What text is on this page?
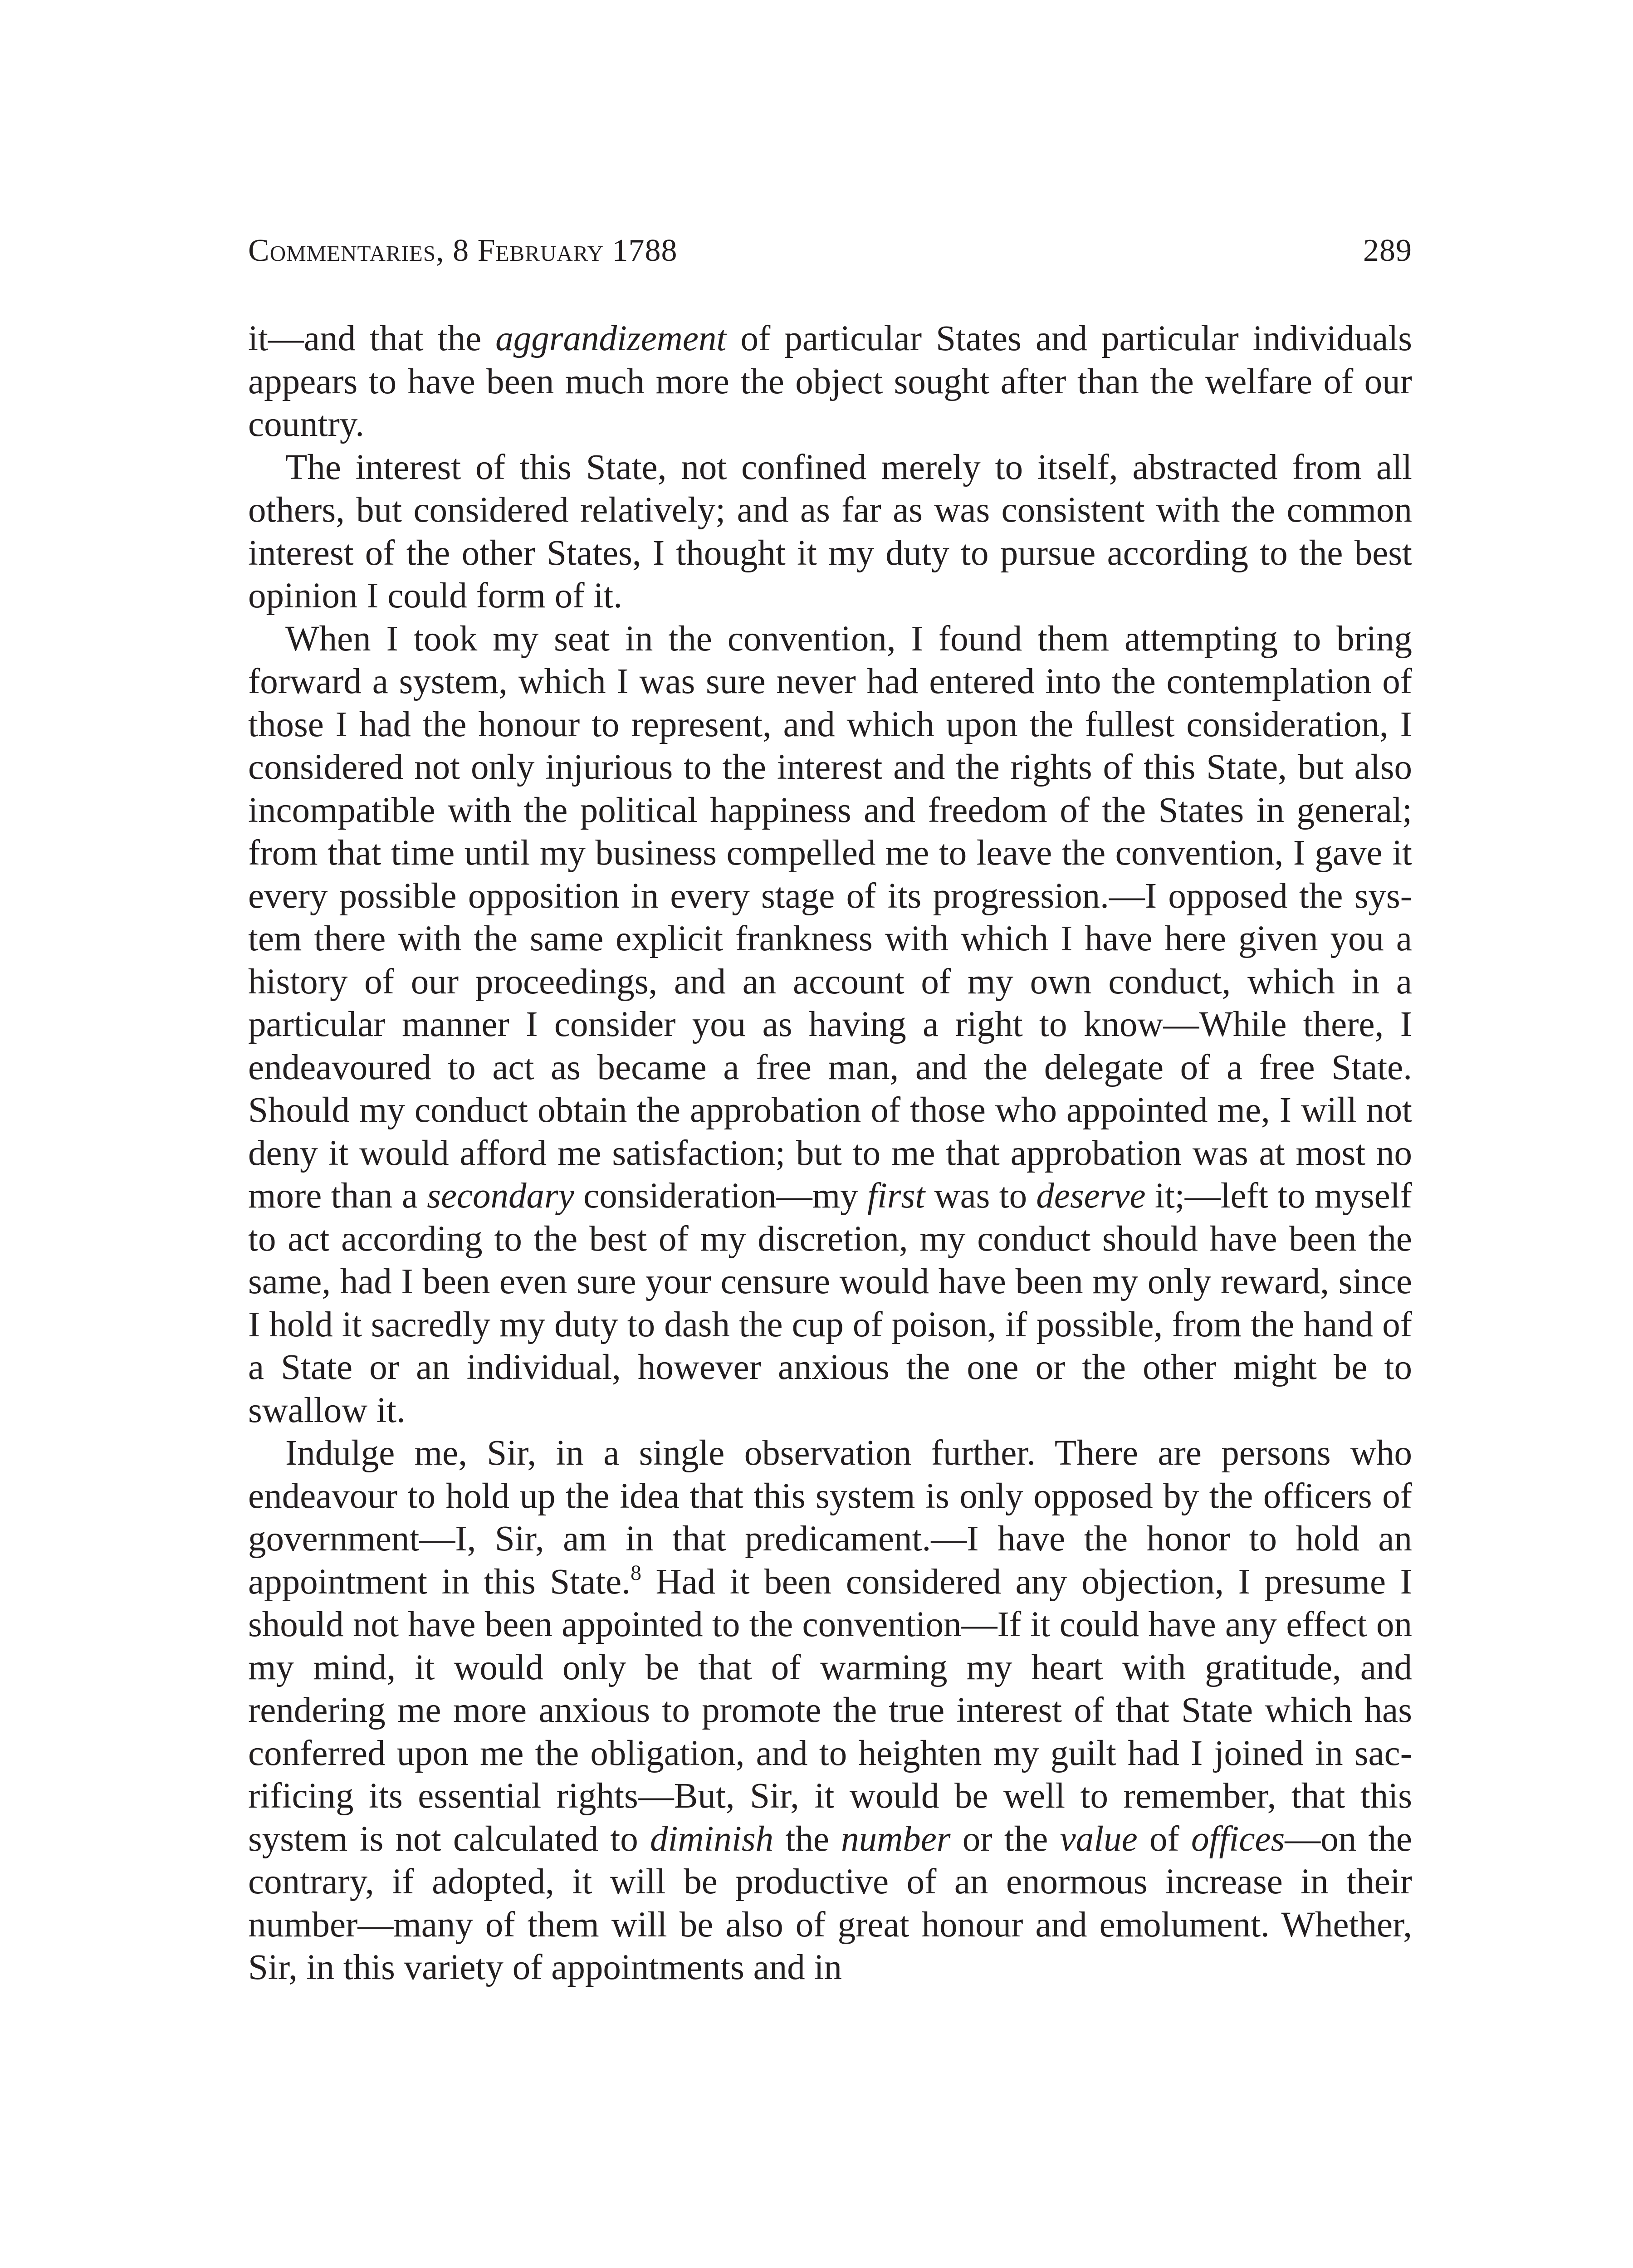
Commentaries, 8 February 1788	289

it—and that the aggrandizement of particular States and particular individuals appears to have been much more the object sought after than the welfare of our country.

The interest of this State, not confined merely to itself, abstracted from all others, but considered relatively; and as far as was consistent with the common interest of the other States, I thought it my duty to pursue according to the best opinion I could form of it.

When I took my seat in the convention, I found them attempting to bring forward a system, which I was sure never had entered into the contemplation of those I had the honour to represent, and which upon the fullest consideration, I considered not only injurious to the interest and the rights of this State, but also incompatible with the political happiness and freedom of the States in general; from that time until my business compelled me to leave the convention, I gave it every possible opposition in every stage of its progression.—I opposed the system there with the same explicit frankness with which I have here given you a history of our proceedings, and an account of my own conduct, which in a particular manner I consider you as having a right to know—While there, I endeavoured to act as became a free man, and the delegate of a free State. Should my conduct obtain the approbation of those who appointed me, I will not deny it would afford me satisfaction; but to me that approbation was at most no more than a secondary consideration—my first was to deserve it;—left to myself to act according to the best of my discretion, my conduct should have been the same, had I been even sure your censure would have been my only reward, since I hold it sacredly my duty to dash the cup of poison, if possible, from the hand of a State or an individual, however anxious the one or the other might be to swallow it.

Indulge me, Sir, in a single observation further. There are persons who endeavour to hold up the idea that this system is only opposed by the officers of government—I, Sir, am in that predicament.—I have the honor to hold an appointment in this State.$^8$ Had it been considered any objection, I presume I should not have been appointed to the convention—If it could have any effect on my mind, it would only be that of warming my heart with gratitude, and rendering me more anxious to promote the true interest of that State which has conferred upon me the obligation, and to heighten my guilt had I joined in sacrificing its essential rights—But, Sir, it would be well to remember, that this system is not calculated to diminish the number or the value of offices—on the contrary, if adopted, it will be productive of an enormous increase in their number—many of them will be also of great honour and emolument. Whether, Sir, in this variety of appointments and in
